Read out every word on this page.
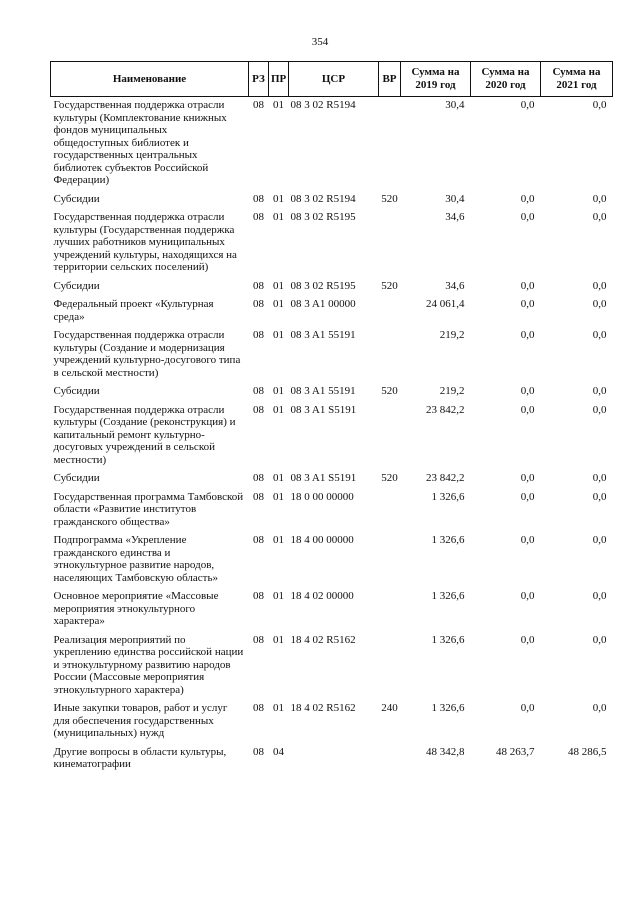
354
Наименование	РЗ	ПР	ЦСР	ВР	Сумма на 2019 год	Сумма на 2020 год	Сумма на 2021 год
Государственная поддержка отрасли культуры (Комплектование книжных фондов муниципальных общедоступных библиотек и государственных центральных библиотек субъектов Российской Федерации)	08	01	08 3 02 R5194		30,4	0,0	0,0
Субсидии	08	01	08 3 02 R5194	520	30,4	0,0	0,0
Государственная поддержка отрасли культуры (Государственная поддержка лучших работников муниципальных учреждений культуры, находящихся на территории сельских поселений)	08	01	08 3 02 R5195		34,6	0,0	0,0
Субсидии	08	01	08 3 02 R5195	520	34,6	0,0	0,0
Федеральный проект «Культурная среда»	08	01	08 3 A1 00000		24 061,4	0,0	0,0
Государственная поддержка отрасли культуры (Создание и модернизация учреждений культурно-досугового типа в сельской местности)	08	01	08 3 A1 55191		219,2	0,0	0,0
Субсидии	08	01	08 3 A1 55191	520	219,2	0,0	0,0
Государственная поддержка отрасли культуры (Создание (реконструкция) и капитальный ремонт культурно-досуговых учреждений в сельской местности)	08	01	08 3 A1 S5191		23 842,2	0,0	0,0
Субсидии	08	01	08 3 A1 S5191	520	23 842,2	0,0	0,0
Государственная программа Тамбовской области «Развитие институтов гражданского общества»	08	01	18 0 00 00000		1 326,6	0,0	0,0
Подпрограмма «Укрепление гражданского единства и этнокультурное развитие народов, населяющих Тамбовскую область»	08	01	18 4 00 00000		1 326,6	0,0	0,0
Основное мероприятие «Массовые мероприятия этнокультурного характера»	08	01	18 4 02 00000		1 326,6	0,0	0,0
Реализация мероприятий по укреплению единства российской нации и этнокультурному развитию народов России (Массовые мероприятия этнокультурного характера)	08	01	18 4 02 R5162		1 326,6	0,0	0,0
Иные закупки товаров, работ и услуг для обеспечения государственных (муниципальных) нужд	08	01	18 4 02 R5162	240	1 326,6	0,0	0,0
Другие вопросы в области культуры, кинематографии	08	04			48 342,8	48 263,7	48 286,5
